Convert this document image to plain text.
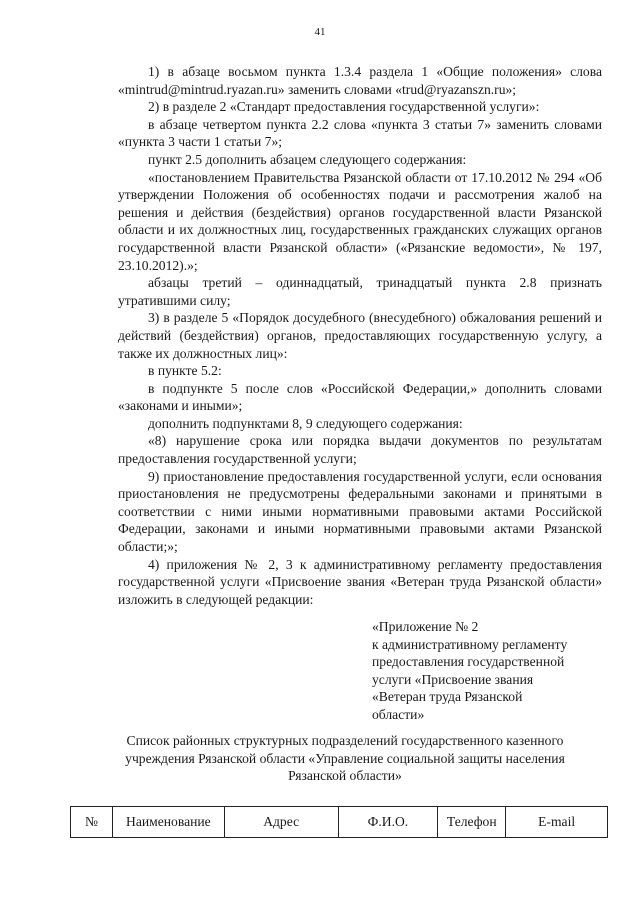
41

1) в абзаце восьмом пункта 1.3.4 раздела 1 «Общие положения» слова «mintrud@mintrud.ryazan.ru» заменить словами «trud@ryazanszn.ru»;

2) в разделе 2 «Стандарт предоставления государственной услуги»:

в абзаце четвертом пункта 2.2 слова «пункта 3 статьи 7» заменить словами «пункта 3 части 1 статьи 7»;

пункт 2.5 дополнить абзацем следующего содержания:

«постановлением Правительства Рязанской области от 17.10.2012 № 294 «Об утверждении Положения об особенностях подачи и рассмотрения жалоб на решения и действия (бездействия) органов государственной власти Рязанской области и их должностных лиц, государственных гражданских служащих органов государственной власти Рязанской области» («Рязанские ведомости», № 197, 23.10.2012).»;

абзацы третий – одиннадцатый, тринадцатый пункта 2.8 признать утратившими силу;

3) в разделе 5 «Порядок досудебного (внесудебного) обжалования решений и действий (бездействия) органов, предоставляющих государственную услугу, а также их должностных лиц»:

в пункте 5.2:

в подпункте 5 после слов «Российской Федерации,» дополнить словами «законами и иными»;

дополнить подпунктами 8, 9 следующего содержания:

«8) нарушение срока или порядка выдачи документов по результатам предоставления государственной услуги;

9) приостановление предоставления государственной услуги, если основания приостановления не предусмотрены федеральными законами и принятыми в соответствии с ними иными нормативными правовыми актами Российской Федерации, законами и иными нормативными правовыми актами Рязанской области;»;

4) приложения № 2, 3 к административному регламенту предоставления государственной услуги «Присвоение звания «Ветеран труда Рязанской области» изложить в следующей редакции:

«Приложение № 2
к административному регламенту
предоставления государственной
услуги «Присвоение звания
«Ветеран труда Рязанской
области»
Список районных структурных подразделений государственного казенного
учреждения Рязанской области «Управление социальной защиты населения
Рязанской области»
№	Наименование	Адрес	Ф.И.О.	Телефон	E-mail
